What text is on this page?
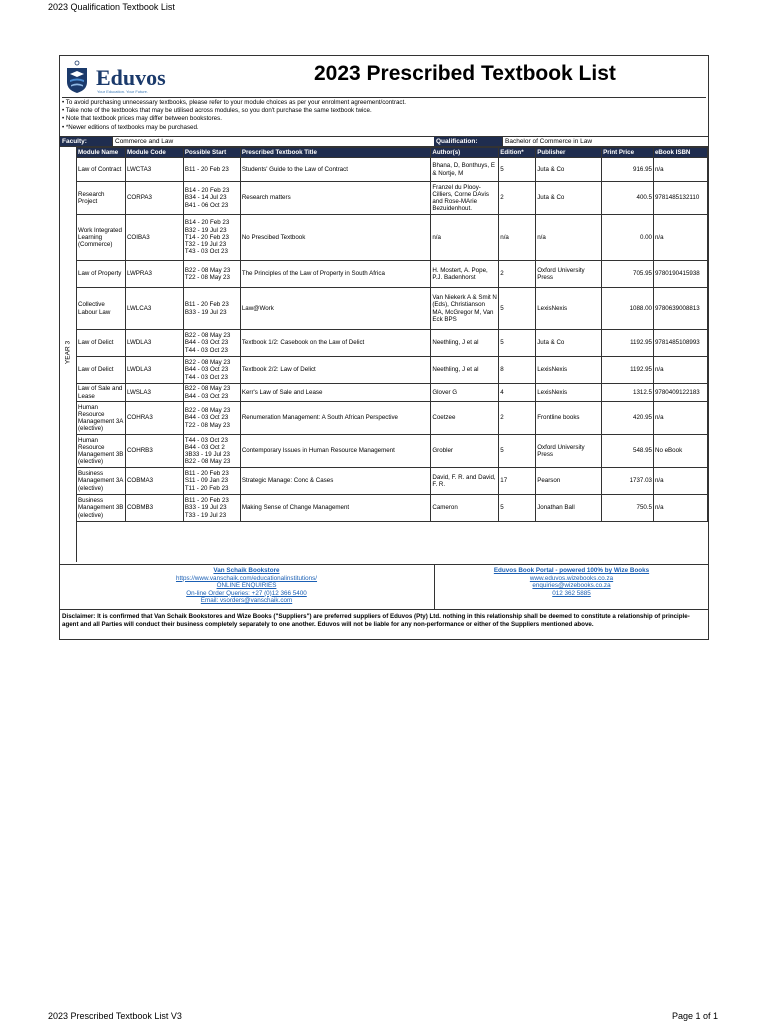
2023 Qualification Textbook List
Eduvos
Your Education. Your Future.
2023 Prescribed Textbook List
• To avoid purchasing unnecessary textbooks, please refer to your module choices as per your enrolment agreement/contract.
• Take note of the textbooks that may be utilised across modules, so you don't purchase the same textbook twice.
• Note that textbook prices may differ between bookstores.
• *Newer editions of textbooks may be purchased.
Faculty:	Commerce and Law	Qualification:	Bachelor of Commerce in Law
YEAR 3
Module Name	Module Code	Possible Start	Prescribed Textbook Title	Author(s)	Edition*	Publisher	Print Price	eBook ISBN
Law of Contract	LWCTA3	B11 - 20 Feb 23	Students' Guide to the Law of Contract	Bhana, D, Bonthuys, E & Nortje, M	5	Juta & Co	916.95	n/a
Research Project	CORPA3	B14 - 20 Feb 23
B34 - 14 Jul 23
B41 - 06 Oct 23	Research matters	Franzel du Plooy-Cilliers, Corne DAvis and Rose-MArie Bezuidenhout.	2	Juta & Co	400.5	9781485132110
Work Integrated Learning (Commerce)	COIBA3	B14 - 20 Feb 23
B32 - 19 Jul 23
T14 - 20 Feb 23
T32 - 19 Jul 23
T43 - 03 Oct 23	No Prescibed Textbook	n/a	n/a	n/a	0.00	n/a
Law of Property	LWPRA3	B22 - 08 May 23
T22 - 08 May 23	The Principles of the Law of Property in South Africa	H. Mostert, A. Pope, P.J. Badenhorst	2	Oxford University Press	705.95	9780190415938
Collective Labour Law	LWLCA3	B11 - 20 Feb 23
B33 - 19 Jul 23	Law@Work	Van Niekerk A & Smit N (Eds), Christianson MA, McGregor M, Van Eck BPS	5	LexisNexis	1088.00	9780639008813
Law of Delict	LWDLA3	B22 - 08 May 23
B44 - 03 Oct 23
T44 - 03 Oct 23	Textbook 1/2: Casebook on the Law of Delict	Neethling, J et al	5	Juta & Co	1192.95	9781485108993
Law of Delict	LWDLA3	B22 - 08 May 23
B44 - 03 Oct 23
T44 - 03 Oct 23	Textbook 2/2: Law of Delict	Neethling, J et al	8	LexisNexis	1192.95	n/a
Law of Sale and Lease	LWSLA3	B22 - 08 May 23
B44 - 03 Oct 23	Kerr's Law of Sale and Lease	Glover G	4	LexisNexis	1312.5	9780409122183
Human Resource Management 3A (elective)	COHRA3	B22 - 08 May 23
B44 - 03 Oct 23
T22 - 08 May 23	Renumeration Management: A South African Perspective	Coetzee	2	Frontline books	420.95	n/a
Human Resource Management 3B (elective)	COHRB3	T44 - 03 Oct 23
B44 - 03 Oct 2
3B33 - 19 Jul 23
B22 - 08 May 23	Contemporary Issues in Human Resource Management	Grobler	5	Oxford University Press	548.95	No eBook
Business Management 3A (elective)	COBMA3	B11 - 20 Feb 23
S11 - 09 Jan 23
T11 - 20 Feb 23	Strategic Manage: Conc & Cases	David, F. R. and David, F. R.	17	Pearson	1737.03	n/a
Business Management 3B (elective)	COBMB3	B11 - 20 Feb 23
B33 - 19 Jul 23
T33 - 19 Jul 23	Making Sense of Change Management	Cameron	5	Jonathan Ball	750.5	n/a
Van Schaik Bookstore
https://www.vanschaik.com/educationalinstitutions/
ONLINE ENQUIRIES
On-line Order Queries: +27 (0)12 366 5400
Email: vsorders@vanschaik.com
Eduvos Book Portal - powered 100% by Wize Books
www.eduvos.wizebooks.co.za
enquiries@wizebooks.co.za
012 362 5885
Disclaimer: It is confirmed that Van Schaik Bookstores and Wize Books ("Suppliers") are preferred suppliers of Eduvos (Pty) Ltd. nothing in this relationship shall be deemed to constitute a relationship of principle-agent and all Parties will conduct their business completely separately to one another. Eduvos will not be liable for any non-performance or either of the Suppliers mentioned above.
2023 Prescribed Textbook List V3	Page 1 of 1
